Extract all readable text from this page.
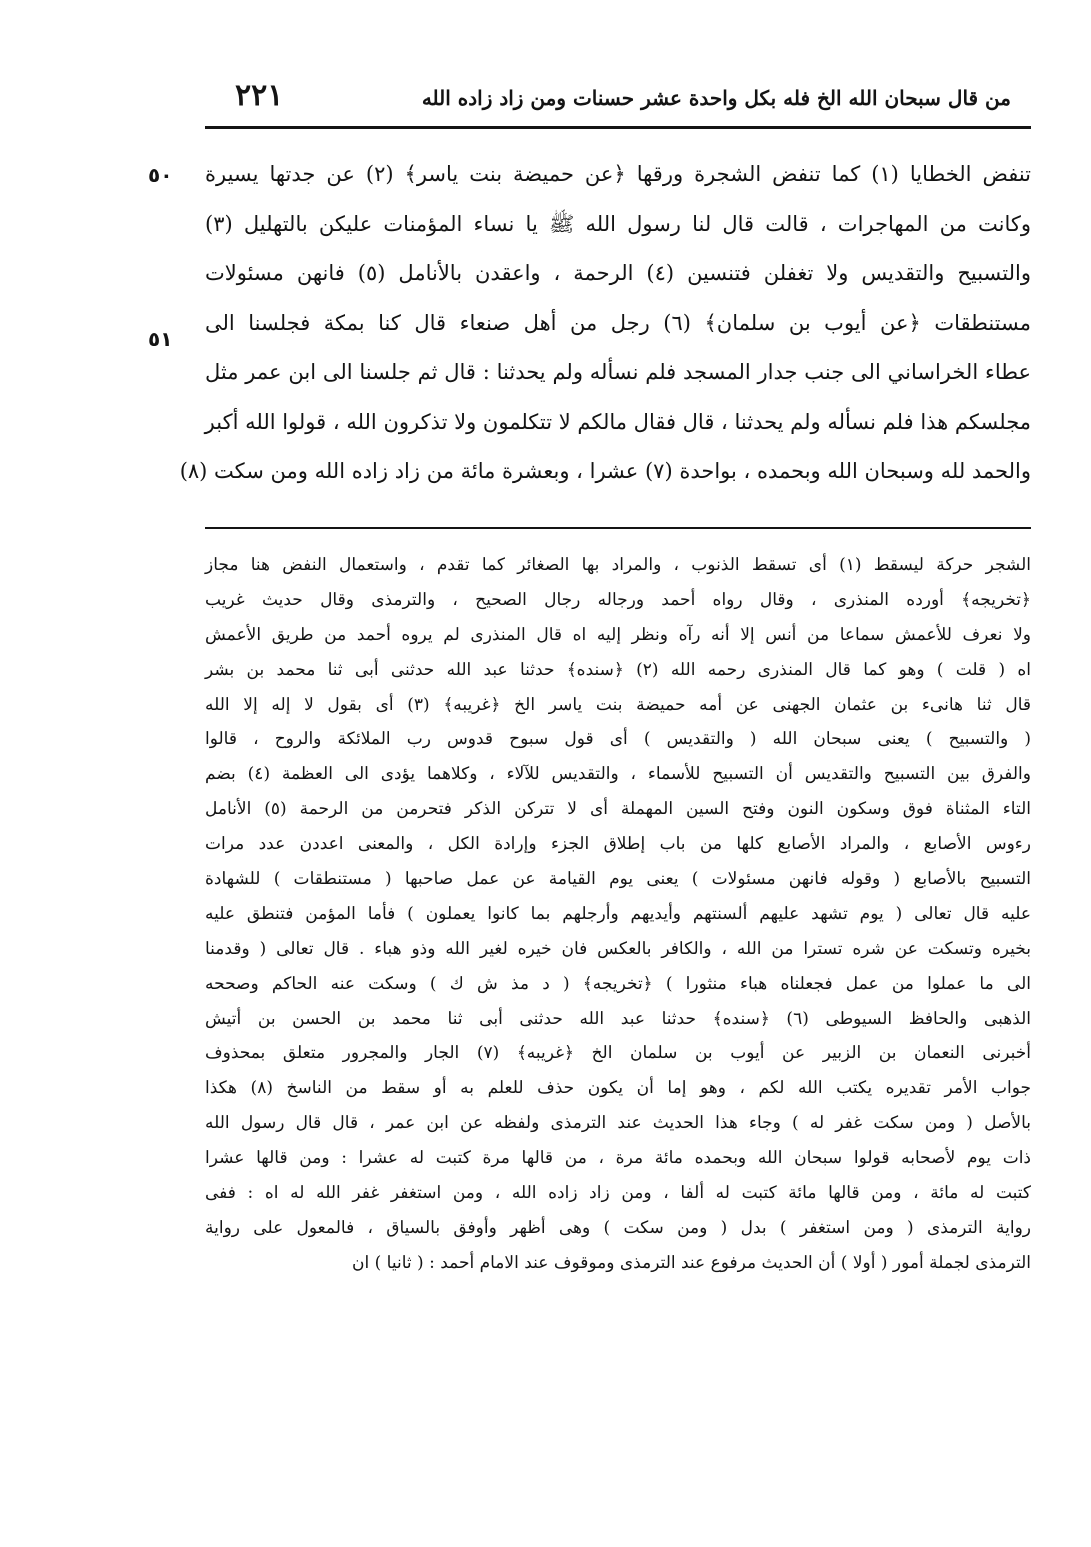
من قال سبحان الله الخ فله بكل واحدة عشر حسنات ومن زاد زاده الله
٢٢١
٥٠
٥١
تنفض الخطايا (١) كما تنفض الشجرة ورقها ﴿عن حميضة بنت ياسر﴾ (٢) عن جدتها يسيرة
وكانت من المهاجرات ، قالت قال لنا رسول الله ﷺ يا نساء المؤمنات عليكن بالتهليل (٣)
والتسبيح والتقديس ولا تغفلن فتنسين (٤) الرحمة ، واعقدن بالأنامل (٥) فانهن مسئولات
مستنطقات ﴿عن أيوب بن سلمان﴾ (٦) رجل من أهل صنعاء قال كنا بمكة فجلسنا الى
عطاء الخراساني الى جنب جدار المسجد فلم نسأله ولم يحدثنا : قال ثم جلسنا الى ابن عمر مثل
مجلسكم هذا فلم نسأله ولم يحدثنا ، قال فقال مالكم لا تتكلمون ولا تذكرون الله ، قولوا الله أكبر
والحمد لله وسبحان الله وبحمده ، بواحدة (٧) عشرا ، وبعشرة مائة من زاد زاده الله ومن سكت (٨)
الشجر حركة ليسقط (١) أى تسقط الذنوب ، والمراد بها الصغائر كما تقدم ، واستعمال النفض هنا مجاز
﴿تخريجه﴾ أورده المنذرى ، وقال رواه أحمد ورجاله رجال الصحيح ، والترمذى وقال حديث غريب
ولا نعرف للأعمش سماعا من أنس إلا أنه رآه ونظر إليه اه قال المنذرى لم يروه أحمد من طريق الأعمش
اه ( قلت ) وهو كما قال المنذرى رحمه الله (٢) ﴿سنده﴾ حدثنا عبد الله حدثنى أبى ثنا محمد بن بشر
قال ثنا هانىء بن عثمان الجهنى عن أمه حميضة بنت ياسر الخ ﴿غريبه﴾ (٣) أى بقول لا إله إلا الله
( والتسبيح ) يعنى سبحان الله ( والتقديس ) أى قول سبوح قدوس رب الملائكة والروح ، قالوا
والفرق بين التسبيح والتقديس أن التسبيح للأسماء ، والتقديس للآلاء ، وكلاهما يؤدى الى العظمة (٤) بضم
التاء المثناة فوق وسكون النون وفتح السين المهملة أى لا تتركن الذكر فتحرمن من الرحمة (٥) الأنامل
رءوس الأصابع ، والمراد الأصابع كلها من باب إطلاق الجزء وإرادة الكل ، والمعنى اعددن عدد مرات
التسبيح بالأصابع ( وقوله فانهن مسئولات ) يعنى يوم القيامة عن عمل صاحبها ( مستنطقات ) للشهادة
عليه قال تعالى ( يوم تشهد عليهم ألسنتهم وأيديهم وأرجلهم بما كانوا يعملون ) فأما المؤمن فتنطق عليه
بخيره وتسكت عن شره تسترا من الله ، والكافر بالعكس فان خيره لغير الله وذو هباء . قال تعالى ( وقدمنا
الى ما عملوا من عمل فجعلناه هباء منثورا ) ﴿تخريجه﴾ ( د مذ ش ك ) وسكت عنه الحاكم وصححه
الذهبى والحافظ السيوطى (٦) ﴿سنده﴾ حدثنا عبد الله حدثنى أبى ثنا محمد بن الحسن بن أتيش
أخبرنى النعمان بن الزبير عن أيوب بن سلمان الخ ﴿غريبه﴾ (٧) الجار والمجرور متعلق بمحذوف
جواب الأمر تقديره يكتب الله لكم ، وهو إما أن يكون حذف للعلم به أو سقط من الناسخ (٨) هكذا
بالأصل ( ومن سكت غفر له ) وجاء هذا الحديث عند الترمذى ولفظه عن ابن عمر ، قال قال رسول الله
ذات يوم لأصحابه قولوا سبحان الله وبحمده مائة مرة ، من قالها مرة كتبت له عشرا : ومن قالها عشرا
كتبت له مائة ، ومن قالها مائة كتبت له ألفا ، ومن زاد زاده الله ، ومن استغفر غفر الله له اه : ففى
رواية الترمذى ( ومن استغفر ) بدل ( ومن سكت ) وهى أظهر وأوفق بالسياق ، فالمعول على رواية
الترمذى لجملة أمور ( أولا ) أن الحديث مرفوع عند الترمذى وموقوف عند الامام أحمد : ( ثانيا ) ان
